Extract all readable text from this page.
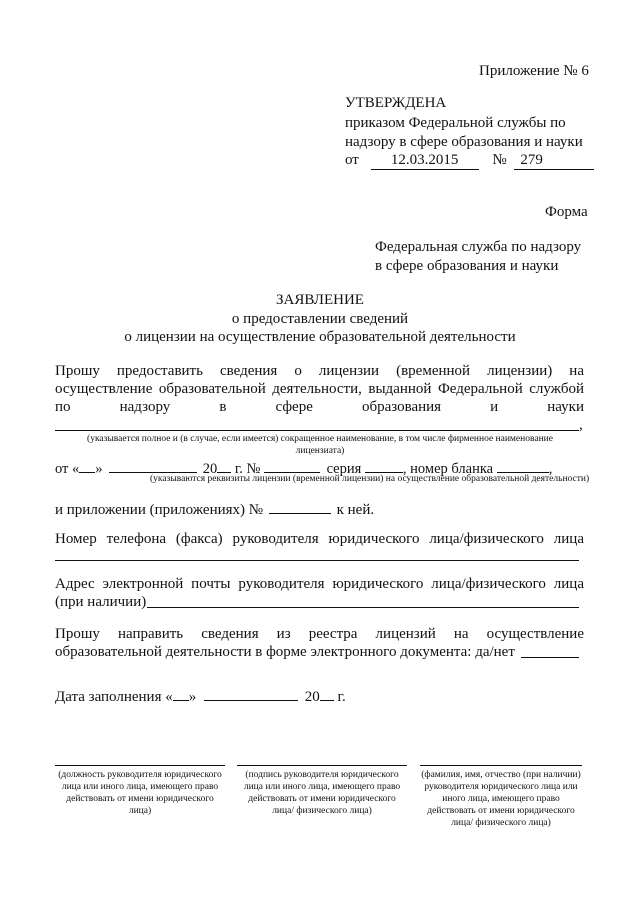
Приложение № 6
УТВЕРЖДЕНА
приказом Федеральной службы по
надзору в сфере образования и науки
от 12.03.2015 № 279
Форма
Федеральная служба по надзору
в сфере образования и науки
ЗАЯВЛЕНИЕ
о предоставлении сведений
о лицензии на осуществление образовательной деятельности
Прошу предоставить сведения о лицензии (временной лицензии) на
осуществление образовательной деятельности, выданной Федеральной службой
по надзору в сфере образования и науки
,
(указывается полное и (в случае, если имеется) сокращенное наименование, в том числе фирменное наименование
лицензиата)
от « »	20 г. №	серия	, номер бланка	,
(указываются реквизиты лицензии (временной лицензии) на осуществление образовательной деятельности)
и приложении (приложениях) №	к ней.
Номер телефона (факса) руководителя юридического лица/физического лица
Адрес электронной почты руководителя юридического лица/физического лица
(при наличии)
Прошу направить сведения из реестра лицензий на осуществление
образовательной деятельности в форме электронного документа: да/нет
Дата заполнения « »	20 г.
(должность руководителя юридического лица или иного лица, имеющего право действовать от имени юридического лица)
(подпись руководителя юридического лица или иного лица, имеющего право действовать от имени юридического лица/ физического лица)
(фамилия, имя, отчество (при наличии) руководителя юридического лица или иного лица, имеющего право действовать от имени юридического лица/ физического лица)
